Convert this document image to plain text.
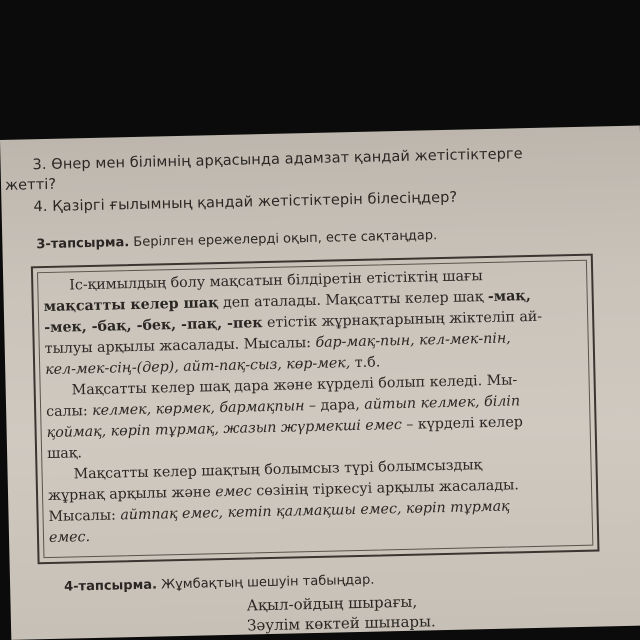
3. Өнер мен білімнің арқасында адамзат қандай жетістіктерге
жетті?
4. Қазіргі ғылымның қандай жетістіктерін білесіңдер?
3-тапсырма. Берілген ережелерді оқып, есте сақтаңдар.
Іс-қимылдың болу мақсатын білдіретін етістіктің шағы
мақсатты келер шақ деп аталады. Мақсатты келер шақ -мақ,
-мек, -бақ, -бек, -пақ, -пек етістік жұрнақтарының жіктеліп ай-
тылуы арқылы жасалады. Мысалы: бар-мақ-пын, кел-мек-пін,
кел-мек-сің-(дер), айт-пақ-сыз, көр-мек, т.б.
Мақсатты келер шақ дара және күрделі болып келеді. Мы-
салы: келмек, көрмек, бармақпын – дара, айтып келмек, біліп
қоймақ, көріп тұрмақ, жазып жүрмекші емес – күрделі келер
шақ.
Мақсатты келер шақтың болымсыз түрі болымсыздық
жұрнақ арқылы және емес сөзінің тіркесуі арқылы жасалады.
Мысалы: айтпақ емес, кетіп қалмақшы емес, көріп тұрмақ
емес.
4-тапсырма. Жұмбақтың шешуін табыңдар.
Ақыл-ойдың шырағы,
Зәулім көктей шынары.
